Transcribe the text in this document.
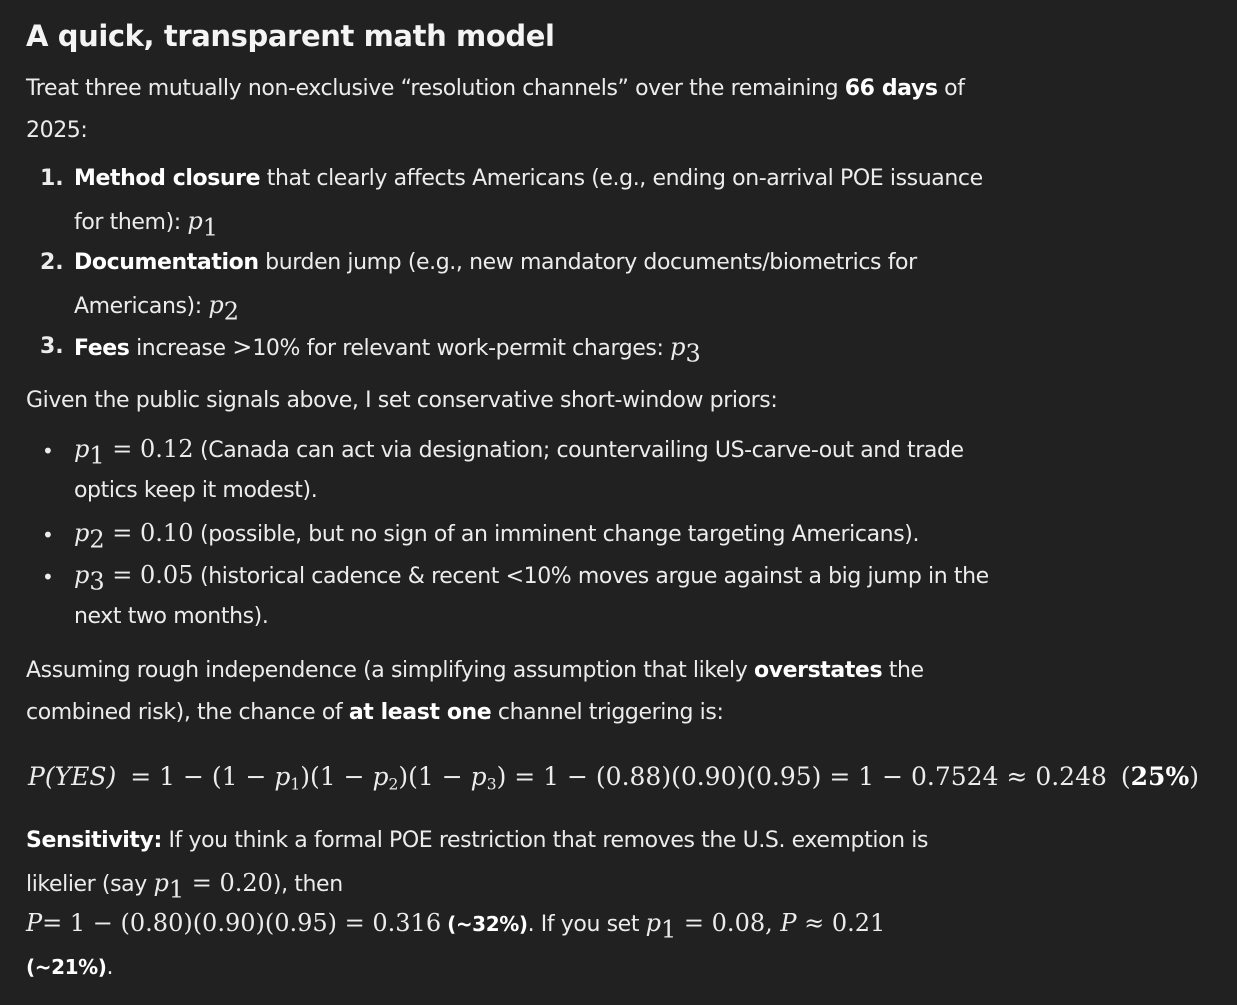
A quick, transparent math model
Treat three mutually non-exclusive “resolution channels” over the remaining 66 days of
2025:
1. Method closure that clearly affects Americans (e.g., ending on-arrival POE issuance
for them): $p_1$
2. Documentation burden jump (e.g., new mandatory documents/biometrics for
Americans): $p_2$
3. Fees increase >10% for relevant work-permit charges: $p_3$
Given the public signals above, I set conservative short-window priors:
• $p_1 = 0.12$ (Canada can act via designation; countervailing US-carve-out and trade
optics keep it modest).
• $p_2 = 0.10$ (possible, but no sign of an imminent change targeting Americans).
• $p_3 = 0.05$ (historical cadence & recent <10% moves argue against a big jump in the
next two months).
Assuming rough independence (a simplifying assumption that likely overstates the
combined risk), the chance of at least one channel triggering is:
$P(YES) = 1 - (1 - p_1)(1 - p_2)(1 - p_3) = 1 - (0.88)(0.90)(0.95) = 1 - 0.7524 \approx 0.248$ (25%)
Sensitivity: If you think a formal POE restriction that removes the U.S. exemption is
likelier (say $p_1 = 0.20$), then
P= 1 − (0.80)(0.90)(0.95) = 0.316 (~32%). If you set $p_1 = 0.08$, P ≈ 0.21
(~21%).
